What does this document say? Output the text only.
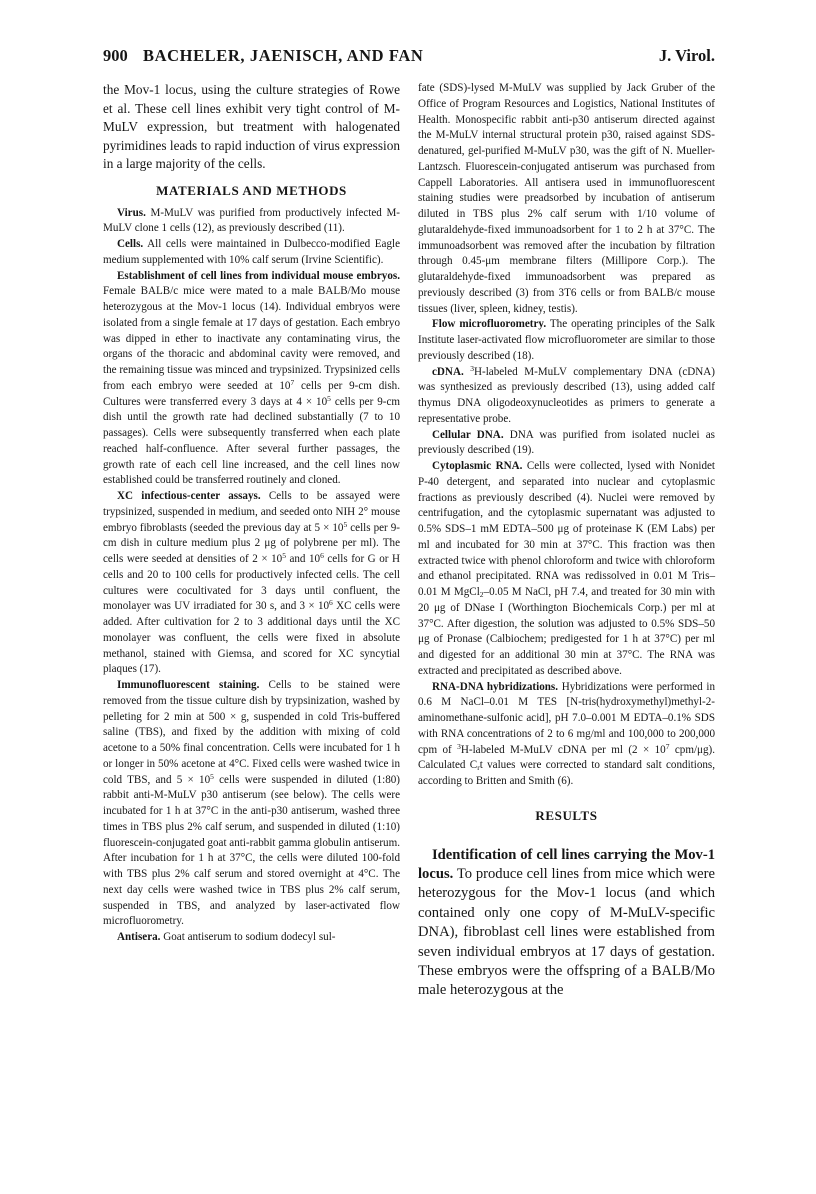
900 BACHELER, JAENISCH, AND FAN	J. Virol.

the Mov-1 locus, using the culture strategies of Rowe et al. These cell lines exhibit very tight control of M-MuLV expression, but treatment with halogenated pyrimidines leads to rapid induction of virus expression in a large majority of the cells.

MATERIALS AND METHODS

Virus. M-MuLV was purified from productively infected M-MuLV clone 1 cells (12), as previously described (11).

Cells. All cells were maintained in Dulbecco-modified Eagle medium supplemented with 10% calf serum (Irvine Scientific).

Establishment of cell lines from individual mouse embryos. Female BALB/c mice were mated to a male BALB/Mo mouse heterozygous at the Mov-1 locus (14). Individual embryos were isolated from a single female at 17 days of gestation. Each embryo was dipped in ether to inactivate any contaminating virus, the organs of the thoracic and abdominal cavity were removed, and the remaining tissue was minced and trypsinized. Trypsinized cells from each embryo were seeded at $10^7$ cells per 9-cm dish. Cultures were transferred every 3 days at $4 \times 10^5$ cells per 9-cm dish until the growth rate had declined substantially (7 to 10 passages). Cells were subsequently transferred when each plate reached half-confluence. After several further passages, the growth rate of each cell line increased, and the cell lines now established could be transferred routinely and cloned.

XC infectious-center assays. Cells to be assayed were trypsinized, suspended in medium, and seeded onto NIH 2° mouse embryo fibroblasts (seeded the previous day at $5 \times 10^5$ cells per 9-cm dish in culture medium plus 2 μg of polybrene per ml). The cells were seeded at densities of $2 \times 10^5$ and $10^6$ cells for G or H cells and 20 to 100 cells for productively infected cells. The cell cultures were cocultivated for 3 days until confluent, the monolayer was UV irradiated for 30 s, and $3 \times 10^6$ XC cells were added. After cultivation for 2 to 3 additional days until the XC monolayer was confluent, the cells were fixed in absolute methanol, stained with Giemsa, and scored for XC syncytial plaques (17).

Immunofluorescent staining. Cells to be stained were removed from the tissue culture dish by trypsinization, washed by pelleting for 2 min at 500 × g, suspended in cold Tris-buffered saline (TBS), and fixed by the addition with mixing of cold acetone to a 50% final concentration. Cells were incubated for 1 h or longer in 50% acetone at 4°C. Fixed cells were washed twice in cold TBS, and $5 \times 10^5$ cells were suspended in diluted (1:80) rabbit anti-M-MuLV p30 antiserum (see below). The cells were incubated for 1 h at 37°C in the anti-p30 antiserum, washed three times in TBS plus 2% calf serum, and suspended in diluted (1:10) fluorescein-conjugated goat anti-rabbit gamma globulin antiserum. After incubation for 1 h at 37°C, the cells were diluted 100-fold with TBS plus 2% calf serum and stored overnight at 4°C. The next day cells were washed twice in TBS plus 2% calf serum, suspended in TBS, and analyzed by laser-activated flow microfluorometry.

Antisera. Goat antiserum to sodium dodecyl sul-

fate (SDS)-lysed M-MuLV was supplied by Jack Gruber of the Office of Program Resources and Logistics, National Institutes of Health. Monospecific rabbit anti-p30 antiserum directed against the M-MuLV internal structural protein p30, raised against SDS-denatured, gel-purified M-MuLV p30, was the gift of N. Mueller-Lantzsch. Fluorescein-conjugated antiserum was purchased from Cappell Laboratories. All antisera used in immunofluorescent staining studies were preadsorbed by incubation of antiserum diluted in TBS plus 2% calf serum with 1/10 volume of glutaraldehyde-fixed immunoadsorbent for 1 to 2 h at 37°C. The immunoadsorbent was removed after the incubation by filtration through 0.45-μm membrane filters (Millipore Corp.). The glutaraldehyde-fixed immunoadsorbent was prepared as previously described (3) from 3T6 cells or from BALB/c mouse tissues (liver, spleen, kidney, testis).

Flow microfluorometry. The operating principles of the Salk Institute laser-activated flow microfluorometer are similar to those previously described (18).

cDNA. $^3$H-labeled M-MuLV complementary DNA (cDNA) was synthesized as previously described (13), using added calf thymus DNA oligodeoxynucleotides as primers to generate a representative probe.

Cellular DNA. DNA was purified from isolated nuclei as previously described (19).

Cytoplasmic RNA. Cells were collected, lysed with Nonidet P-40 detergent, and separated into nuclear and cytoplasmic fractions as previously described (4). Nuclei were removed by centrifugation, and the cytoplasmic supernatant was adjusted to 0.5% SDS–1 mM EDTA–500 μg of proteinase K (EM Labs) per ml and incubated for 30 min at 37°C. This fraction was then extracted twice with phenol chloroform and twice with chloroform and ethanol precipitated. RNA was redissolved in 0.01 M Tris–0.01 M MgCl$_2$–0.05 M NaCl, pH 7.4, and treated for 30 min with 20 μg of DNase I (Worthington Biochemicals Corp.) per ml at 37°C. After digestion, the solution was adjusted to 0.5% SDS–50 μg of Pronase (Calbiochem; predigested for 1 h at 37°C) per ml and digested for an additional 30 min at 37°C. The RNA was extracted and precipitated as described above.

RNA-DNA hybridizations. Hybridizations were performed in 0.6 M NaCl–0.01 M TES [N-tris(hydroxymethyl)methyl-2-aminomethane-sulfonic acid], pH 7.0–0.001 M EDTA–0.1% SDS with RNA concentrations of 2 to 6 mg/ml and 100,000 to 200,000 cpm of $^3$H-labeled M-MuLV cDNA per ml ($2 \times 10^7$ cpm/μg). Calculated $C_rt$ values were corrected to standard salt conditions, according to Britten and Smith (6).

RESULTS

Identification of cell lines carrying the Mov-1 locus. To produce cell lines from mice which were heterozygous for the Mov-1 locus (and which contained only one copy of M-MuLV-specific DNA), fibroblast cell lines were established from seven individual embryos at 17 days of gestation. These embryos were the offspring of a BALB/Mo male heterozygous at the
